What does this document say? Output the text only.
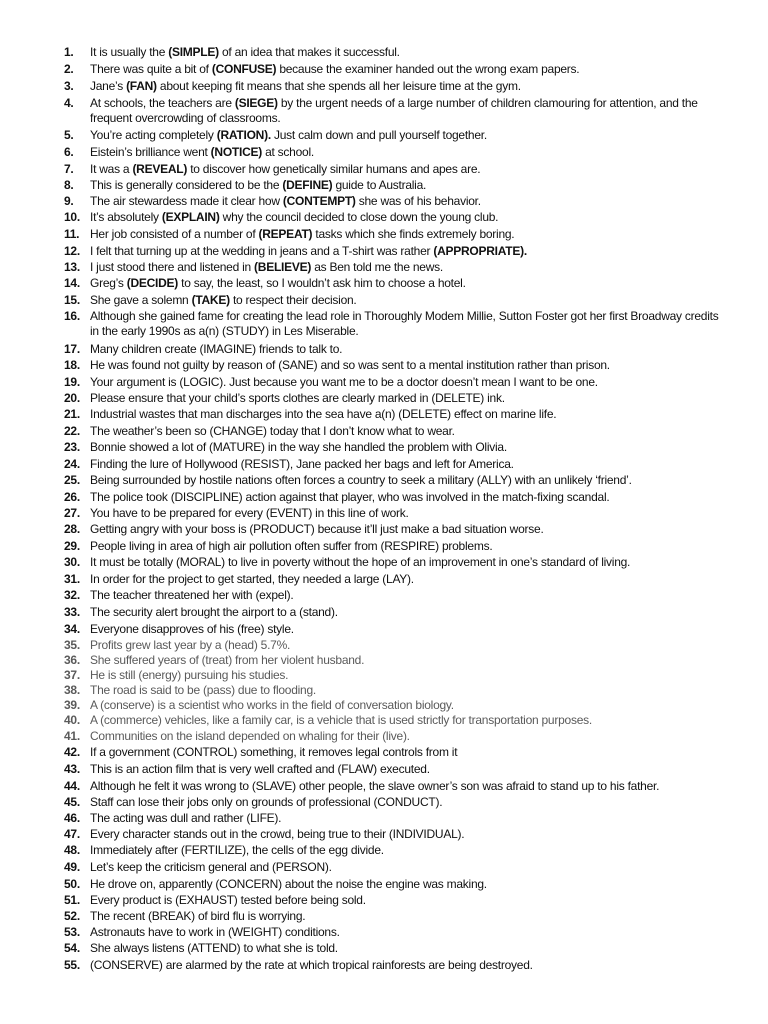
1.	It is usually the (SIMPLE) of an idea that makes it successful.
2.	There was quite a bit of (CONFUSE) because the examiner handed out the wrong exam papers.
3.	Jane’s (FAN) about keeping fit means that she spends all her leisure time at the gym.
4.	At schools, the teachers are (SIEGE) by the urgent needs of a large number of children clamouring for attention, and the frequent overcrowding of classrooms.
5.	You’re acting completely (RATION). Just calm down and pull yourself together.
6.	Eistein’s brilliance went (NOTICE) at school.
7.	It was a (REVEAL) to discover how genetically similar humans and apes are.
8.	This is generally considered to be the (DEFINE) guide to Australia.
9.	The air stewardess made it clear how (CONTEMPT) she was of his behavior.
10. It’s absolutely (EXPLAIN) why the council decided to close down the young club.
11. Her job consisted of a number of (REPEAT) tasks which she finds extremely boring.
12. I felt that turning up at the wedding in jeans and a T-shirt was rather (APPROPRIATE).
13. I just stood there and listened in (BELIEVE) as Ben told me the news.
14. Greg’s (DECIDE) to say, the least, so I wouldn’t ask him to choose a hotel.
15. She gave a solemn (TAKE) to respect their decision.
16. Although she gained fame for creating the lead role in Thoroughly Modem Millie, Sutton Foster got her first Broadway credits in the early 1990s as a(n) (STUDY) in Les Miserable.
17. Many children create (IMAGINE) friends to talk to.
18. He was found not guilty by reason of (SANE) and so was sent to a mental institution rather than prison.
19. Your argument is (LOGIC). Just because you want me to be a doctor doesn’t mean I want to be one.
20. Please ensure that your child’s sports clothes are clearly marked in (DELETE) ink.
21. Industrial wastes that man discharges into the sea have a(n) (DELETE) effect on marine life.
22. The weather’s been so (CHANGE) today that I don’t know what to wear.
23. Bonnie showed a lot of (MATURE) in the way she handled the problem with Olivia.
24. Finding the lure of Hollywood (RESIST), Jane packed her bags and left for America.
25. Being surrounded by hostile nations often forces a country to seek a military (ALLY) with an unlikely ‘friend’.
26. The police took (DISCIPLINE) action against that player, who was involved in the match-fixing scandal.
27. You have to be prepared for every (EVENT) in this line of work.
28. Getting angry with your boss is (PRODUCT) because it’ll just make a bad situation worse.
29. People living in area of high air pollution often suffer from (RESPIRE) problems.
30. It must be totally (MORAL) to live in poverty without the hope of an improvement in one’s standard of living.
31. In order for the project to get started, they needed a large (LAY).
32. The teacher threatened her with (expel).
33. The security alert brought the airport to a (stand).
34. Everyone disapproves of his (free) style.
35. Profits grew last year by a (head) 5.7%.
36. She suffered years of (treat) from her violent husband.
37. He is still (energy) pursuing his studies.
38. The road is said to be (pass) due to flooding.
39. A (conserve) is a scientist who works in the field of conversation biology.
40. A (commerce) vehicles, like a family car, is a vehicle that is used strictly for transportation purposes.
41. Communities on the island depended on whaling for their (live).
42. If a government (CONTROL) something, it removes legal controls from it
43. This is an action film that is very well crafted and (FLAW) executed.
44. Although he felt it was wrong to (SLAVE) other people, the slave owner’s son was afraid to stand up to his father.
45. Staff can lose their jobs only on grounds of professional (CONDUCT).
46. The acting was dull and rather (LIFE).
47. Every character stands out in the crowd, being true to their (INDIVIDUAL).
48. Immediately after (FERTILIZE), the cells of the egg divide.
49. Let’s keep the criticism general and (PERSON).
50. He drove on, apparently (CONCERN) about the noise the engine was making.
51. Every product is (EXHAUST) tested before being sold.
52. The recent (BREAK) of bird flu is worrying.
53. Astronauts have to work in (WEIGHT) conditions.
54. She always listens (ATTEND) to what she is told.
55. (CONSERVE) are alarmed by the rate at which tropical rainforests are being destroyed.
